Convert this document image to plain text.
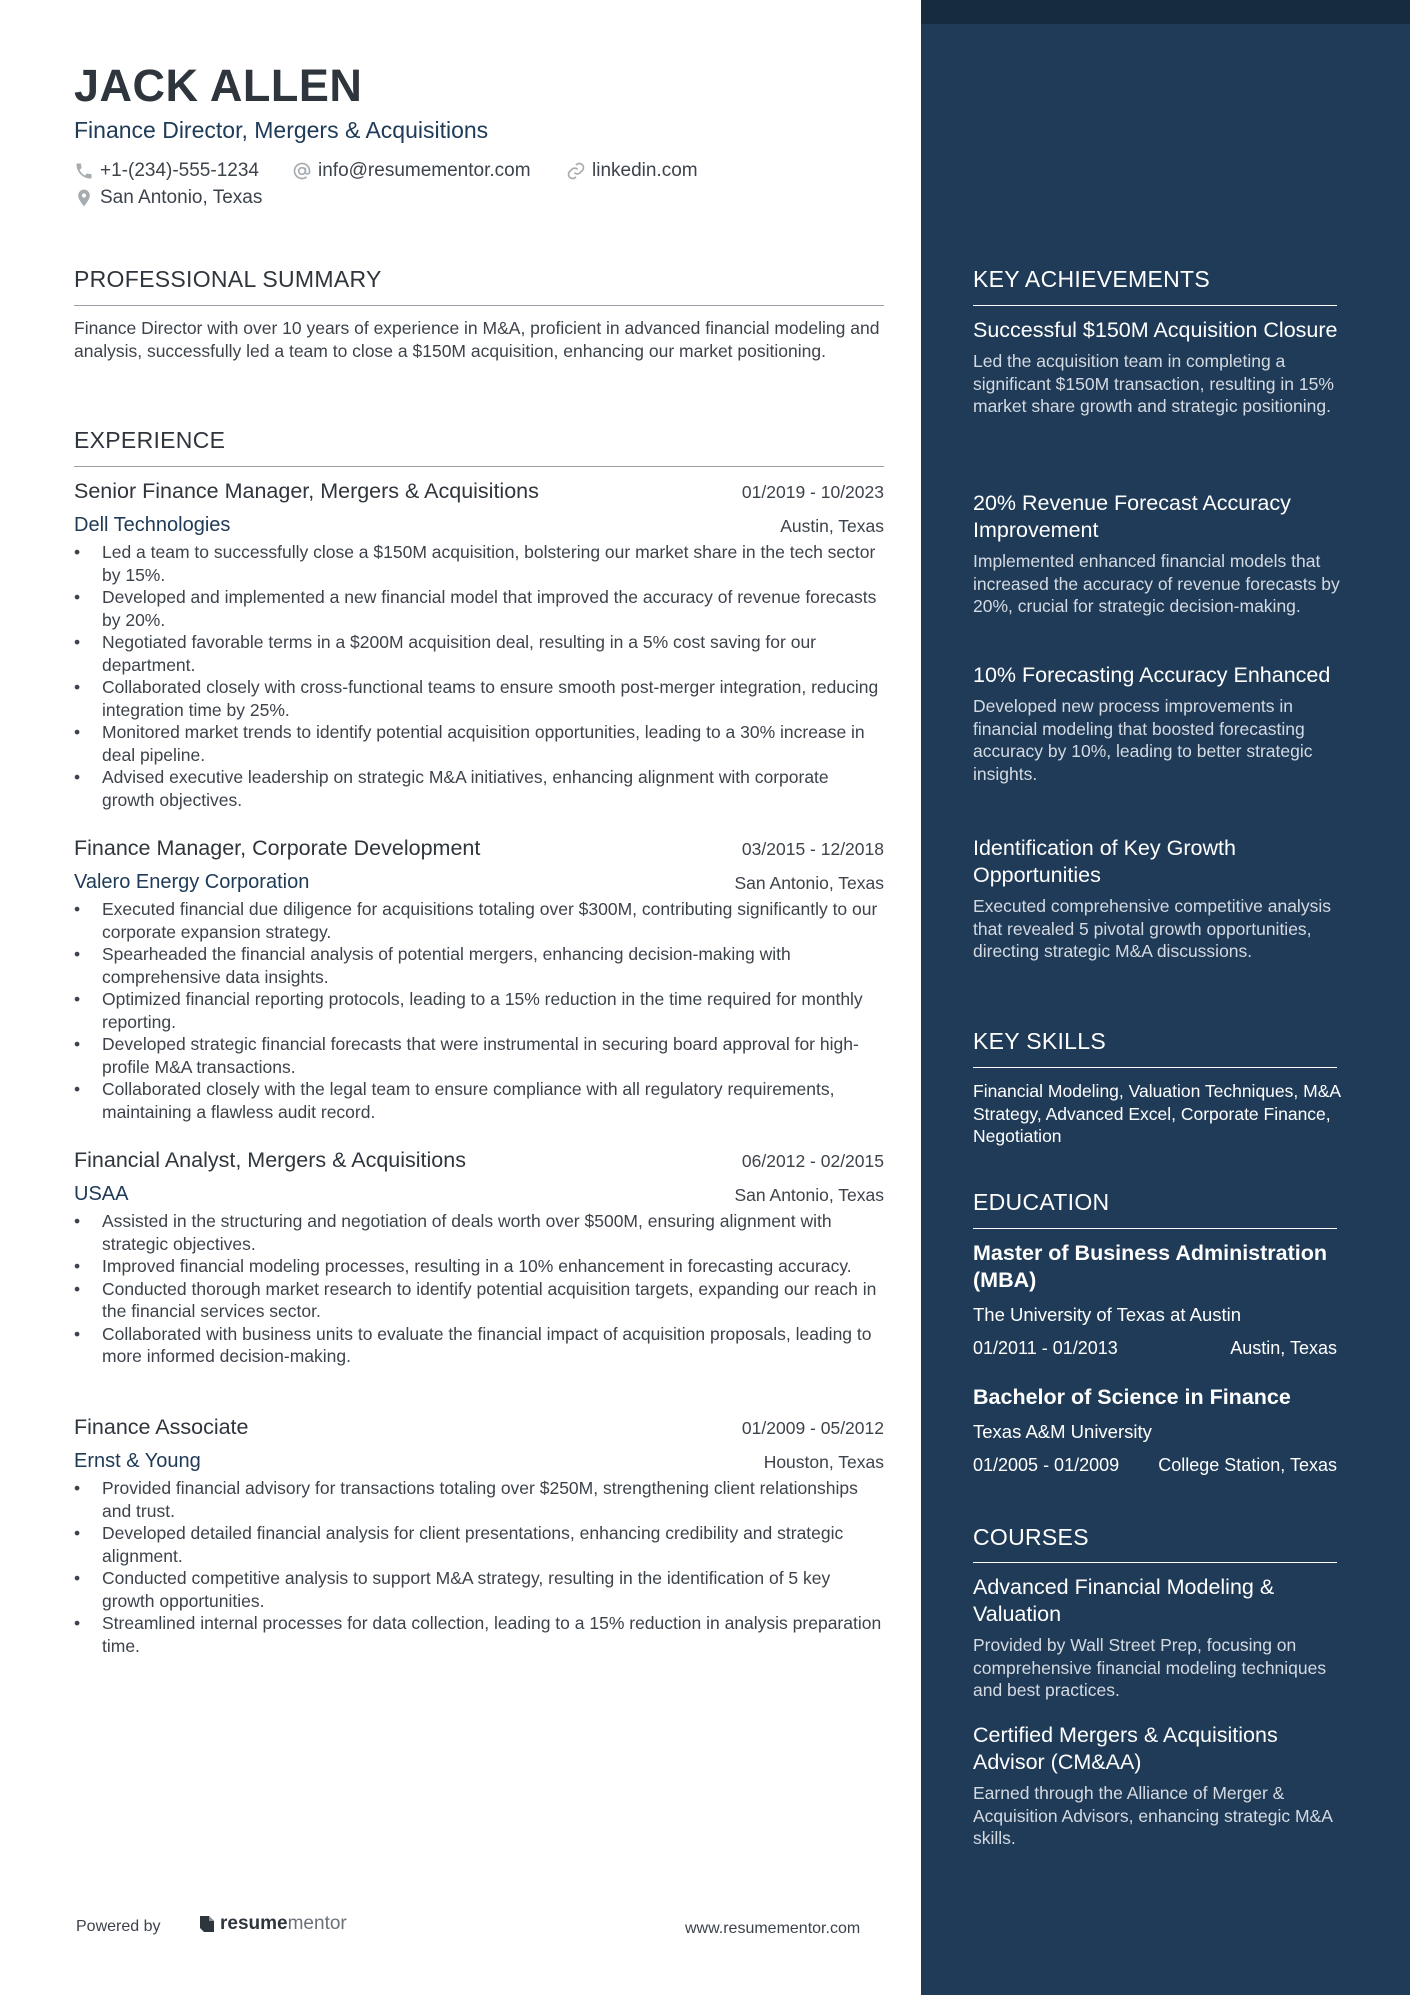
JACK ALLEN
Finance Director, Mergers & Acquisitions
+1-(234)-555-1234	info@resumementor.com	linkedin.com
San Antonio, Texas
PROFESSIONAL SUMMARY
Finance Director with over 10 years of experience in M&A, proficient in advanced financial modeling and analysis, successfully led a team to close a $150M acquisition, enhancing our market positioning.
EXPERIENCE
Senior Finance Manager, Mergers & Acquisitions	01/2019 - 10/2023
Dell Technologies	Austin, Texas
• Led a team to successfully close a $150M acquisition, bolstering our market share in the tech sector by 15%.
• Developed and implemented a new financial model that improved the accuracy of revenue forecasts by 20%.
• Negotiated favorable terms in a $200M acquisition deal, resulting in a 5% cost saving for our department.
• Collaborated closely with cross-functional teams to ensure smooth post-merger integration, reducing integration time by 25%.
• Monitored market trends to identify potential acquisition opportunities, leading to a 30% increase in deal pipeline.
• Advised executive leadership on strategic M&A initiatives, enhancing alignment with corporate growth objectives.
Finance Manager, Corporate Development	03/2015 - 12/2018
Valero Energy Corporation	San Antonio, Texas
• Executed financial due diligence for acquisitions totaling over $300M, contributing significantly to our corporate expansion strategy.
• Spearheaded the financial analysis of potential mergers, enhancing decision-making with comprehensive data insights.
• Optimized financial reporting protocols, leading to a 15% reduction in the time required for monthly reporting.
• Developed strategic financial forecasts that were instrumental in securing board approval for high-profile M&A transactions.
• Collaborated closely with the legal team to ensure compliance with all regulatory requirements, maintaining a flawless audit record.
Financial Analyst, Mergers & Acquisitions	06/2012 - 02/2015
USAA	San Antonio, Texas
• Assisted in the structuring and negotiation of deals worth over $500M, ensuring alignment with strategic objectives.
• Improved financial modeling processes, resulting in a 10% enhancement in forecasting accuracy.
• Conducted thorough market research to identify potential acquisition targets, expanding our reach in the financial services sector.
• Collaborated with business units to evaluate the financial impact of acquisition proposals, leading to more informed decision-making.
Finance Associate	01/2009 - 05/2012
Ernst & Young	Houston, Texas
• Provided financial advisory for transactions totaling over $250M, strengthening client relationships and trust.
• Developed detailed financial analysis for client presentations, enhancing credibility and strategic alignment.
• Conducted competitive analysis to support M&A strategy, resulting in the identification of 5 key growth opportunities.
• Streamlined internal processes for data collection, leading to a 15% reduction in analysis preparation time.
Powered by	resume mentor	www.resumementor.com
KEY ACHIEVEMENTS
Successful $150M Acquisition Closure
Led the acquisition team in completing a significant $150M transaction, resulting in 15% market share growth and strategic positioning.
20% Revenue Forecast Accuracy Improvement
Implemented enhanced financial models that increased the accuracy of revenue forecasts by 20%, crucial for strategic decision-making.
10% Forecasting Accuracy Enhanced
Developed new process improvements in financial modeling that boosted forecasting accuracy by 10%, leading to better strategic insights.
Identification of Key Growth Opportunities
Executed comprehensive competitive analysis that revealed 5 pivotal growth opportunities, directing strategic M&A discussions.
KEY SKILLS
Financial Modeling, Valuation Techniques, M&A Strategy, Advanced Excel, Corporate Finance, Negotiation
EDUCATION
Master of Business Administration (MBA)
The University of Texas at Austin
01/2011 - 01/2013	Austin, Texas
Bachelor of Science in Finance
Texas A&M University
01/2005 - 01/2009 College Station, Texas
COURSES
Advanced Financial Modeling & Valuation
Provided by Wall Street Prep, focusing on comprehensive financial modeling techniques and best practices.
Certified Mergers & Acquisitions Advisor (CM&AA)
Earned through the Alliance of Merger & Acquisition Advisors, enhancing strategic M&A skills.
